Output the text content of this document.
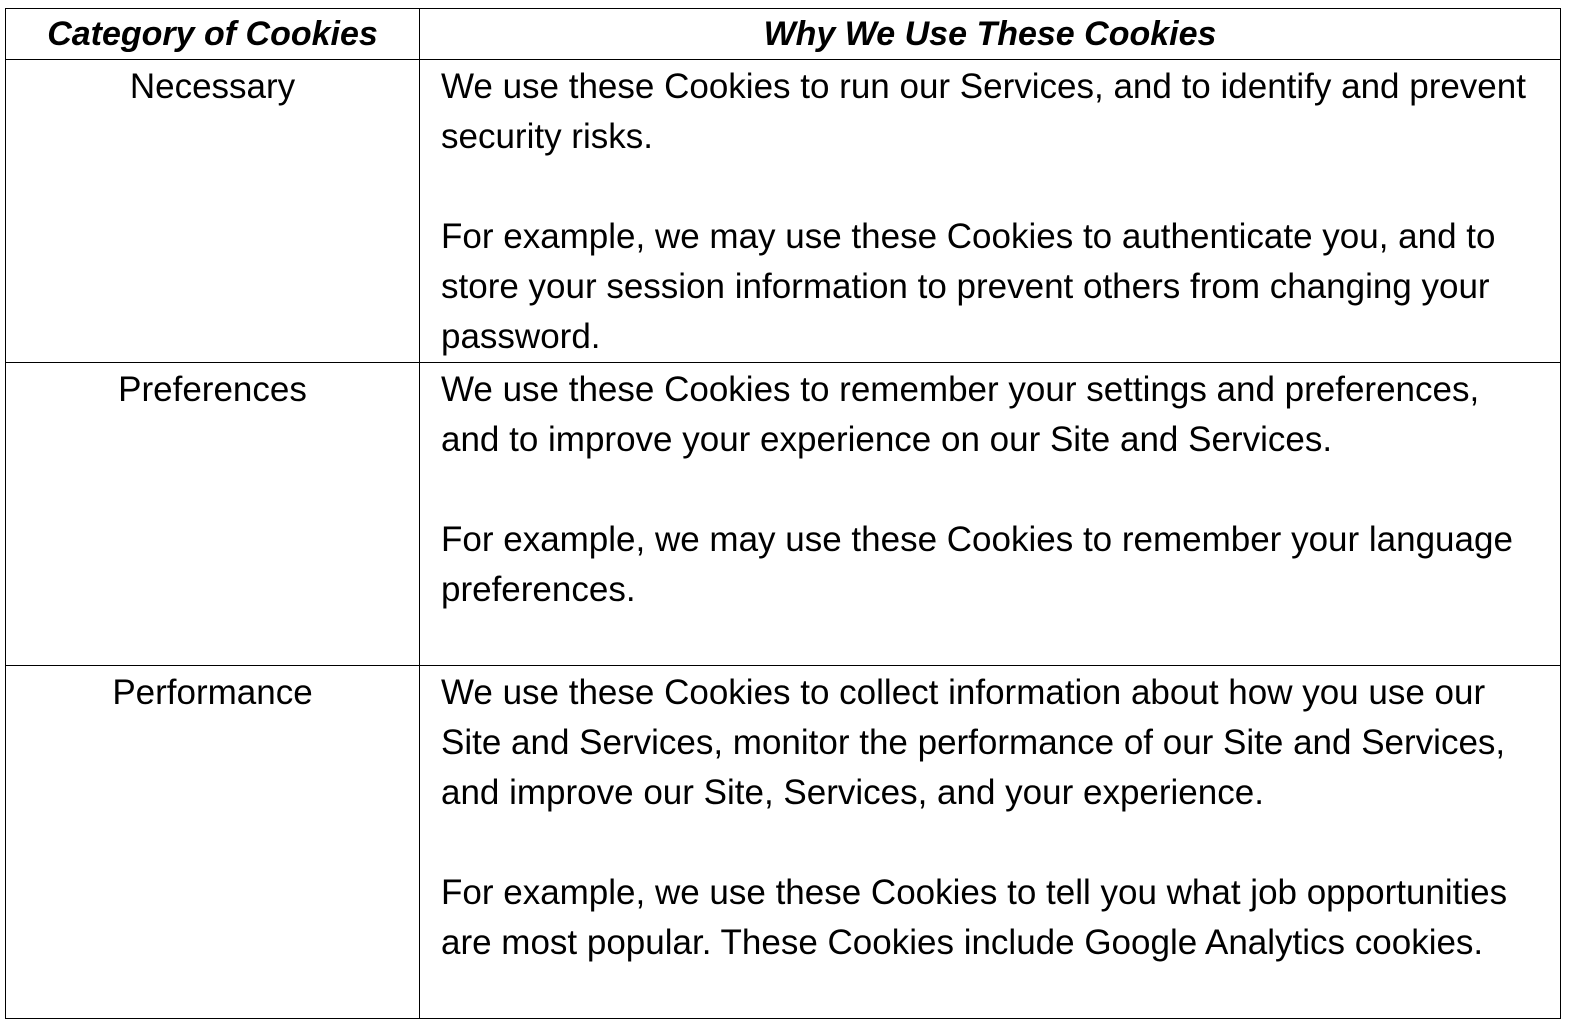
Category of Cookies	Why We Use These Cookies
Necessary	We use these Cookies to run our Services, and to identify and prevent security risks.

For example, we may use these Cookies to authenticate you, and to store your session information to prevent others from changing your password.

Preferences	We use these Cookies to remember your settings and preferences, and to improve your experience on our Site and Services.

For example, we may use these Cookies to remember your language preferences.

Performance	We use these Cookies to collect information about how you use our Site and Services, monitor the performance of our Site and Services, and improve our Site, Services, and your experience.

For example, we use these Cookies to tell you what job opportunities are most popular. These Cookies include Google Analytics cookies.
